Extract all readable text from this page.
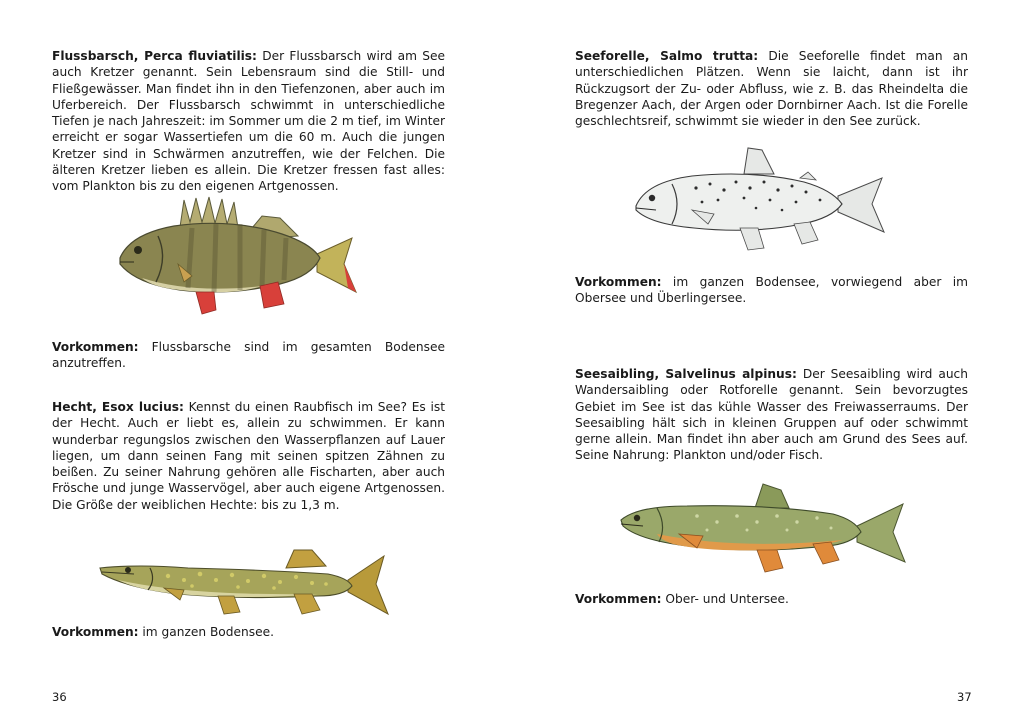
Flussbarsch, Perca fluviatilis: Der Flussbarsch wird am See auch Kretzer genannt. Sein Lebensraum sind die Still- und Fließgewässer. Man findet ihn in den Tiefenzonen, aber auch im Uferbereich. Der Flussbarsch schwimmt in unterschiedliche Tiefen je nach Jahreszeit: im Sommer um die 2 m tief, im Winter erreicht er sogar Wassertiefen um die 60 m. Auch die jungen Kretzer sind in Schwärmen anzutreffen, wie der Felchen. Die älteren Kretzer lieben es allein. Die Kretzer fressen fast alles: vom Plankton bis zu den eigenen Artgenossen.

Vorkommen: Flussbarsche sind im gesamten Bodensee anzutreffen.

Hecht, Esox lucius: Kennst du einen Raubfisch im See? Es ist der Hecht. Auch er liebt es, allein zu schwimmen. Er kann wunderbar regungslos zwischen den Wasserpflanzen auf Lauer liegen, um dann seinen Fang mit seinen spitzen Zähnen zu beißen. Zu seiner Nahrung gehören alle Fischarten, aber auch Frösche und junge Wasservögel, aber auch eigene Artgenossen. Die Größe der weiblichen Hechte: bis zu 1,3 m.

Vorkommen: im ganzen Bodensee.

36

Seeforelle, Salmo trutta: Die Seeforelle findet man an unterschiedlichen Plätzen. Wenn sie laicht, dann ist ihr Rückzugsort der Zu- oder Abfluss, wie z. B. das Rheindelta die Bregenzer Aach, der Argen oder Dornbirner Aach. Ist die Forelle geschlechtsreif, schwimmt sie wieder in den See zurück.

Vorkommen: im ganzen Bodensee, vorwiegend aber im Obersee und Überlingersee.

Seesaibling, Salvelinus alpinus: Der Seesaibling wird auch Wandersaibling oder Rotforelle genannt. Sein bevorzugtes Gebiet im See ist das kühle Wasser des Freiwasserraums. Der Seesaibling hält sich in kleinen Gruppen auf oder schwimmt gerne allein. Man findet ihn aber auch am Grund des Sees auf. Seine Nahrung: Plankton und/oder Fisch.

Vorkommen: Ober- und Untersee.

37
